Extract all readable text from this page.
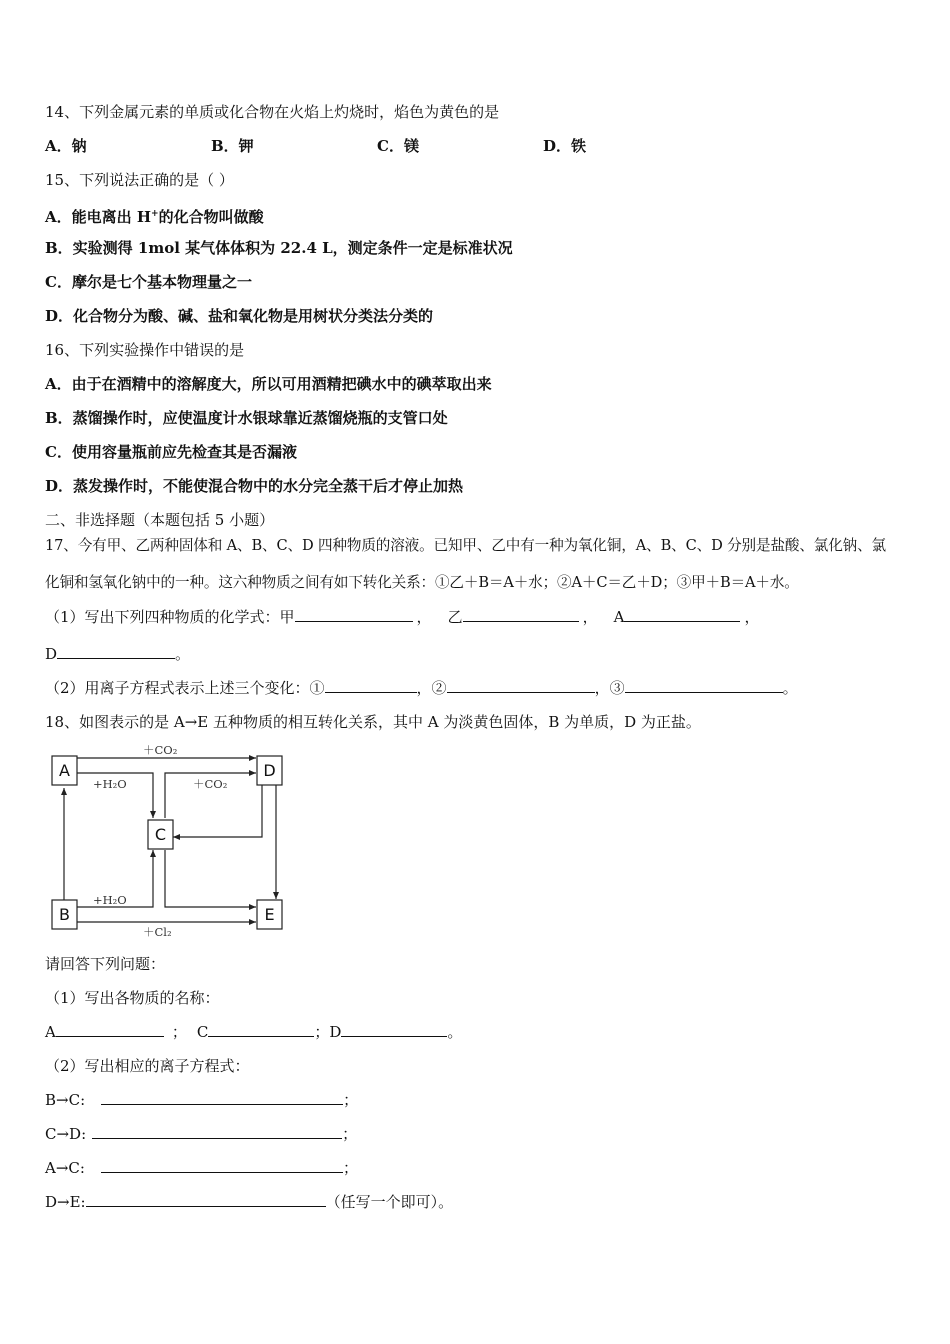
14、下列金属元素的单质或化合物在火焰上灼烧时，焰色为黄色的是
A．钠	B．钾	C．镁	D．铁
15、下列说法正确的是（ ）
A．能电离出 H+的化合物叫做酸
B．实验测得 1mol 某气体体积为 22.4 L，测定条件一定是标准状况
C．摩尔是七个基本物理量之一
D．化合物分为酸、碱、盐和氧化物是用树状分类法分类的
16、下列实验操作中错误的是
A．由于在酒精中的溶解度大，所以可用酒精把碘水中的碘萃取出来
B．蒸馏操作时，应使温度计水银球靠近蒸馏烧瓶的支管口处
C．使用容量瓶前应先检查其是否漏液
D．蒸发操作时，不能使混合物中的水分完全蒸干后才停止加热
二、非选择题（本题包括 5 小题）
17、今有甲、乙两种固体和 A、B、C、D 四种物质的溶液。已知甲、乙中有一种为氧化铜，A、B、C、D 分别是盐酸、氯化钠、氯
化铜和氢氧化钠中的一种。这六种物质之间有如下转化关系：①乙＋B＝A＋水；②A＋C＝乙＋D；③甲＋B＝A＋水。
（1）写出下列四种物质的化学式：甲	， 乙	， A	，
D	。
（2）用离子方程式表示上述三个变化：①	，②	，③	。
18、如图表示的是 A→E 五种物质的相互转化关系，其中 A 为淡黄色固体，B 为单质，D 为正盐。
A
B
C
D
E
＋CO₂
+H₂O	＋CO₂
+H₂O
＋Cl₂
请回答下列问题：
（1）写出各物质的名称：
A	； C	；D	。
（2）写出相应的离子方程式：
B→C:	；
C→D:	；
A→C:	；
D→E:	（任写一个即可）。
